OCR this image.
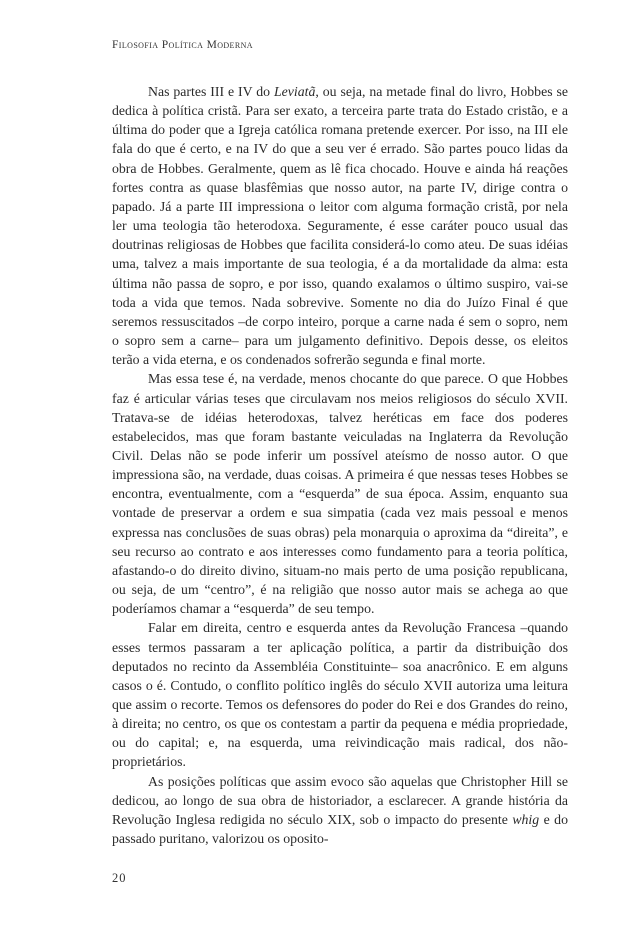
Filosofia Política Moderna

Nas partes III e IV do Leviatã, ou seja, na metade final do livro, Hobbes se dedica à política cristã. Para ser exato, a terceira parte trata do Estado cristão, e a última do poder que a Igreja católica romana pretende exercer. Por isso, na III ele fala do que é certo, e na IV do que a seu ver é errado. São partes pouco lidas da obra de Hobbes. Geralmente, quem as lê fica chocado. Houve e ainda há reações fortes contra as quase blasfêmias que nosso autor, na parte IV, dirige contra o papado. Já a parte III impressiona o leitor com alguma formação cristã, por nela ler uma teologia tão heterodoxa. Seguramente, é esse caráter pouco usual das doutrinas religiosas de Hobbes que facilita considerá-lo como ateu. De suas idéias uma, talvez a mais importante de sua teologia, é a da mortalidade da alma: esta última não passa de sopro, e por isso, quando exalamos o último suspiro, vai-se toda a vida que temos. Nada sobrevive. Somente no dia do Juízo Final é que seremos ressuscitados –de corpo inteiro, porque a carne nada é sem o sopro, nem o sopro sem a carne– para um julgamento definitivo. Depois desse, os eleitos terão a vida eterna, e os condenados sofrerão segunda e final morte.

Mas essa tese é, na verdade, menos chocante do que parece. O que Hobbes faz é articular várias teses que circulavam nos meios religiosos do século XVII. Tratava-se de idéias heterodoxas, talvez heréticas em face dos poderes estabelecidos, mas que foram bastante veiculadas na Inglaterra da Revolução Civil. Delas não se pode inferir um possível ateísmo de nosso autor. O que impressiona são, na verdade, duas coisas. A primeira é que nessas teses Hobbes se encontra, eventualmente, com a “esquerda” de sua época. Assim, enquanto sua vontade de preservar a ordem e sua simpatia (cada vez mais pessoal e menos expressa nas conclusões de suas obras) pela monarquia o aproxima da “direita”, e seu recurso ao contrato e aos interesses como fundamento para a teoria política, afastando-o do direito divino, situam-no mais perto de uma posição republicana, ou seja, de um “centro”, é na religião que nosso autor mais se achega ao que poderíamos chamar a “esquerda” de seu tempo.

Falar em direita, centro e esquerda antes da Revolução Francesa –quando esses termos passaram a ter aplicação política, a partir da distribuição dos deputados no recinto da Assembléia Constituinte– soa anacrônico. E em alguns casos o é. Contudo, o conflito político inglês do século XVII autoriza uma leitura que assim o recorte. Temos os defensores do poder do Rei e dos Grandes do reino, à direita; no centro, os que os contestam a partir da pequena e média propriedade, ou do capital; e, na esquerda, uma reivindicação mais radical, dos não-proprietários.

As posições políticas que assim evoco são aquelas que Christopher Hill se dedicou, ao longo de sua obra de historiador, a esclarecer. A grande história da Revolução Inglesa redigida no século XIX, sob o impacto do presente whig e do passado puritano, valorizou os oposito-

20
